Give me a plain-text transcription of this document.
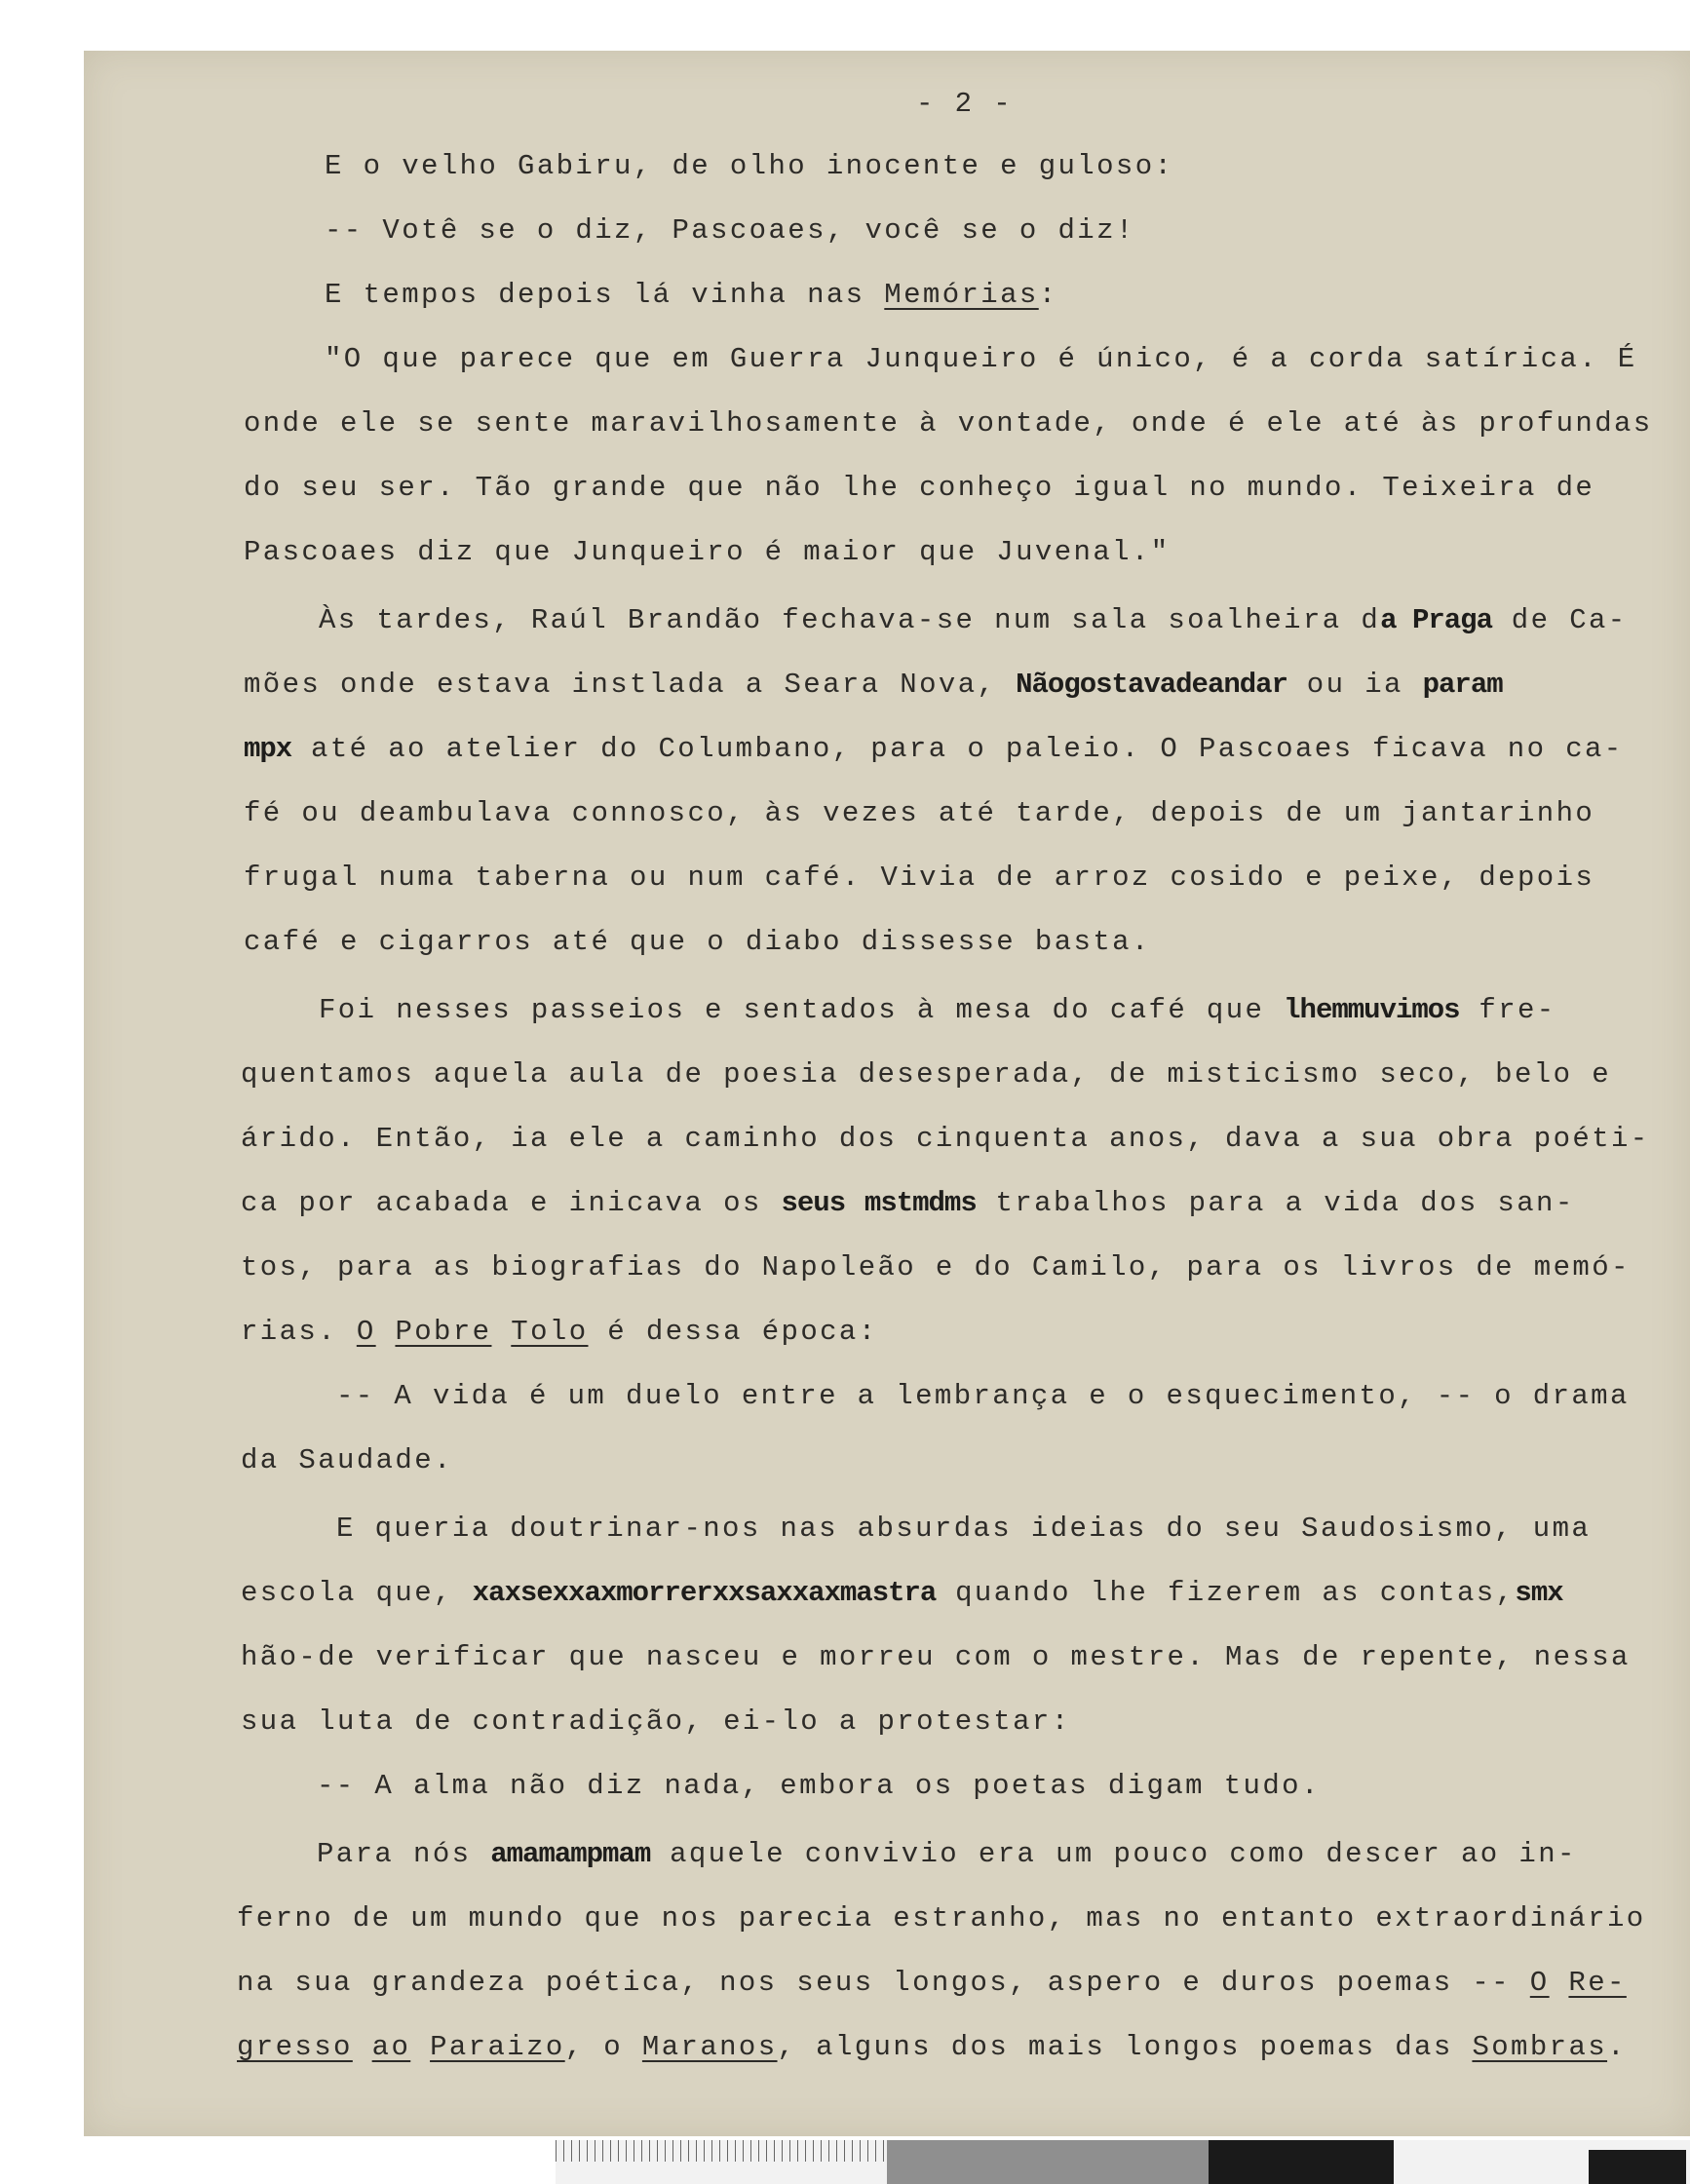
- 2 -
E o velho Gabiru, de olho inocente e guloso:
-- Votê se o diz, Pascoaes, você se o diz!
E tempos depois lá vinha nas Memórias:
"O que parece que em Guerra Junqueiro é único, é a corda satírica. É
onde ele se sente maravilhosamente à vontade, onde é ele até às profundas
do seu ser. Tão grande que não lhe conheço igual no mundo. Teixeira de
Pascoaes diz que Junqueiro é maior que Juvenal."
Às tardes, Raúl Brandão fechava-se num sala soalheira da Praga de Ca-
mões onde estava instlada a Seara Nova, Nãogostavadeandar ou ia param
mpx até ao atelier do Columbano, para o paleio. O Pascoaes ficava no ca-
fé ou deambulava connosco, às vezes até tarde, depois de um jantarinho
frugal numa taberna ou num café. Vivia de arroz cosido e peixe, depois
café e cigarros até que o diabo dissesse basta.
Foi nesses passeios e sentados à mesa do café que lhemmuvimos fre-
quentamos aquela aula de poesia desesperada, de misticismo seco, belo e
árido. Então, ia ele a caminho dos cinquenta anos, dava a sua obra poéti-
ca por acabada e inicava os seus mstmdms trabalhos para a vida dos san-
tos, para as biografias do Napoleão e do Camilo, para os livros de memó-
rias. O Pobre Tolo é dessa época:
-- A vida é um duelo entre a lembrança e o esquecimento, -- o drama
da Saudade.
E queria doutrinar-nos nas absurdas ideias do seu Saudosismo, uma
escola que, xaxsexxaxmorrerxxsaxxaxmastra quando lhe fizerem as contas,smx
hão-de verificar que nasceu e morreu com o mestre. Mas de repente, nessa
sua luta de contradição, ei-lo a protestar:
-- A alma não diz nada, embora os poetas digam tudo.
Para nós amamampmam aquele convivio era um pouco como descer ao in-
ferno de um mundo que nos parecia estranho, mas no entanto extraordinário
na sua grandeza poética, nos seus longos, aspero e duros poemas -- O Re-
gresso ao Paraizo, o Maranos, alguns dos mais longos poemas das Sombras.
